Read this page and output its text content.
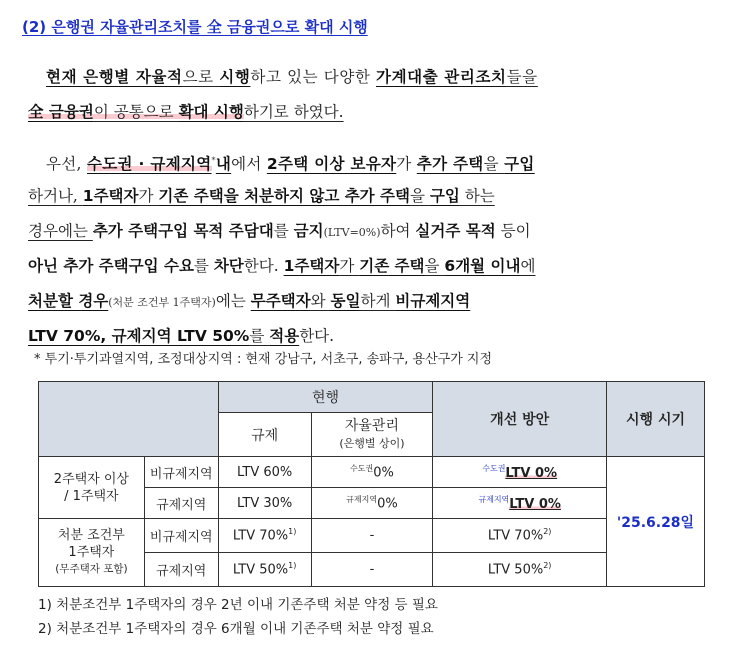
(2) 은행권 자율관리조치를 全 금융권으로 확대 시행
현재 은행별 자율적으로 시행하고 있는 다양한 가계대출 관리조치들을
全 금융권이 공통으로 확대 시행하기로 하였다.
우선, 수도권 · 규제지역*내에서 2주택 이상 보유자가 추가 주택을 구입
하거나, 1주택자가 기존 주택을 처분하지 않고 추가 주택을 구입 하는
경우에는 추가 주택구입 목적 주담대를 금지(LTV=0%)하여 실거주 목적 등이
아닌 추가 주택구입 수요를 차단한다. 1주택자가 기존 주택을 6개월 이내에
처분할 경우(처분 조건부 1주택자)에는 무주택자와 동일하게 비규제지역
LTV 70%, 규제지역 LTV 50%를 적용한다.
* 투기·투기과열지역, 조정대상지역 : 현재 강남구, 서초구, 송파구, 용산구가 지정
		현행		개선 방안	시행 시기
		규제	자율관리
(은행별 상이)		

2주택자 이상
/ 1주택자	비규제지역	LTV 60%	$^{수도권}$0%	$^{수도권}$LTV 0%	'25.6.28일
	규제지역	LTV 30%	$^{규제지역}$0%	$^{규제지역}$LTV 0%	

처분 조건부
1주택자
(무주택자 포함)	비규제지역	LTV 70%$^{1)}$	-	LTV 70%$^{2)}$
	규제지역	LTV 50%$^{1)}$	-	LTV 50%$^{2)}$
1) 처분조건부 1주택자의 경우 2년 이내 기존주택 처분 약정 등 필요
2) 처분조건부 1주택자의 경우 6개월 이내 기존주택 처분 약정 필요
